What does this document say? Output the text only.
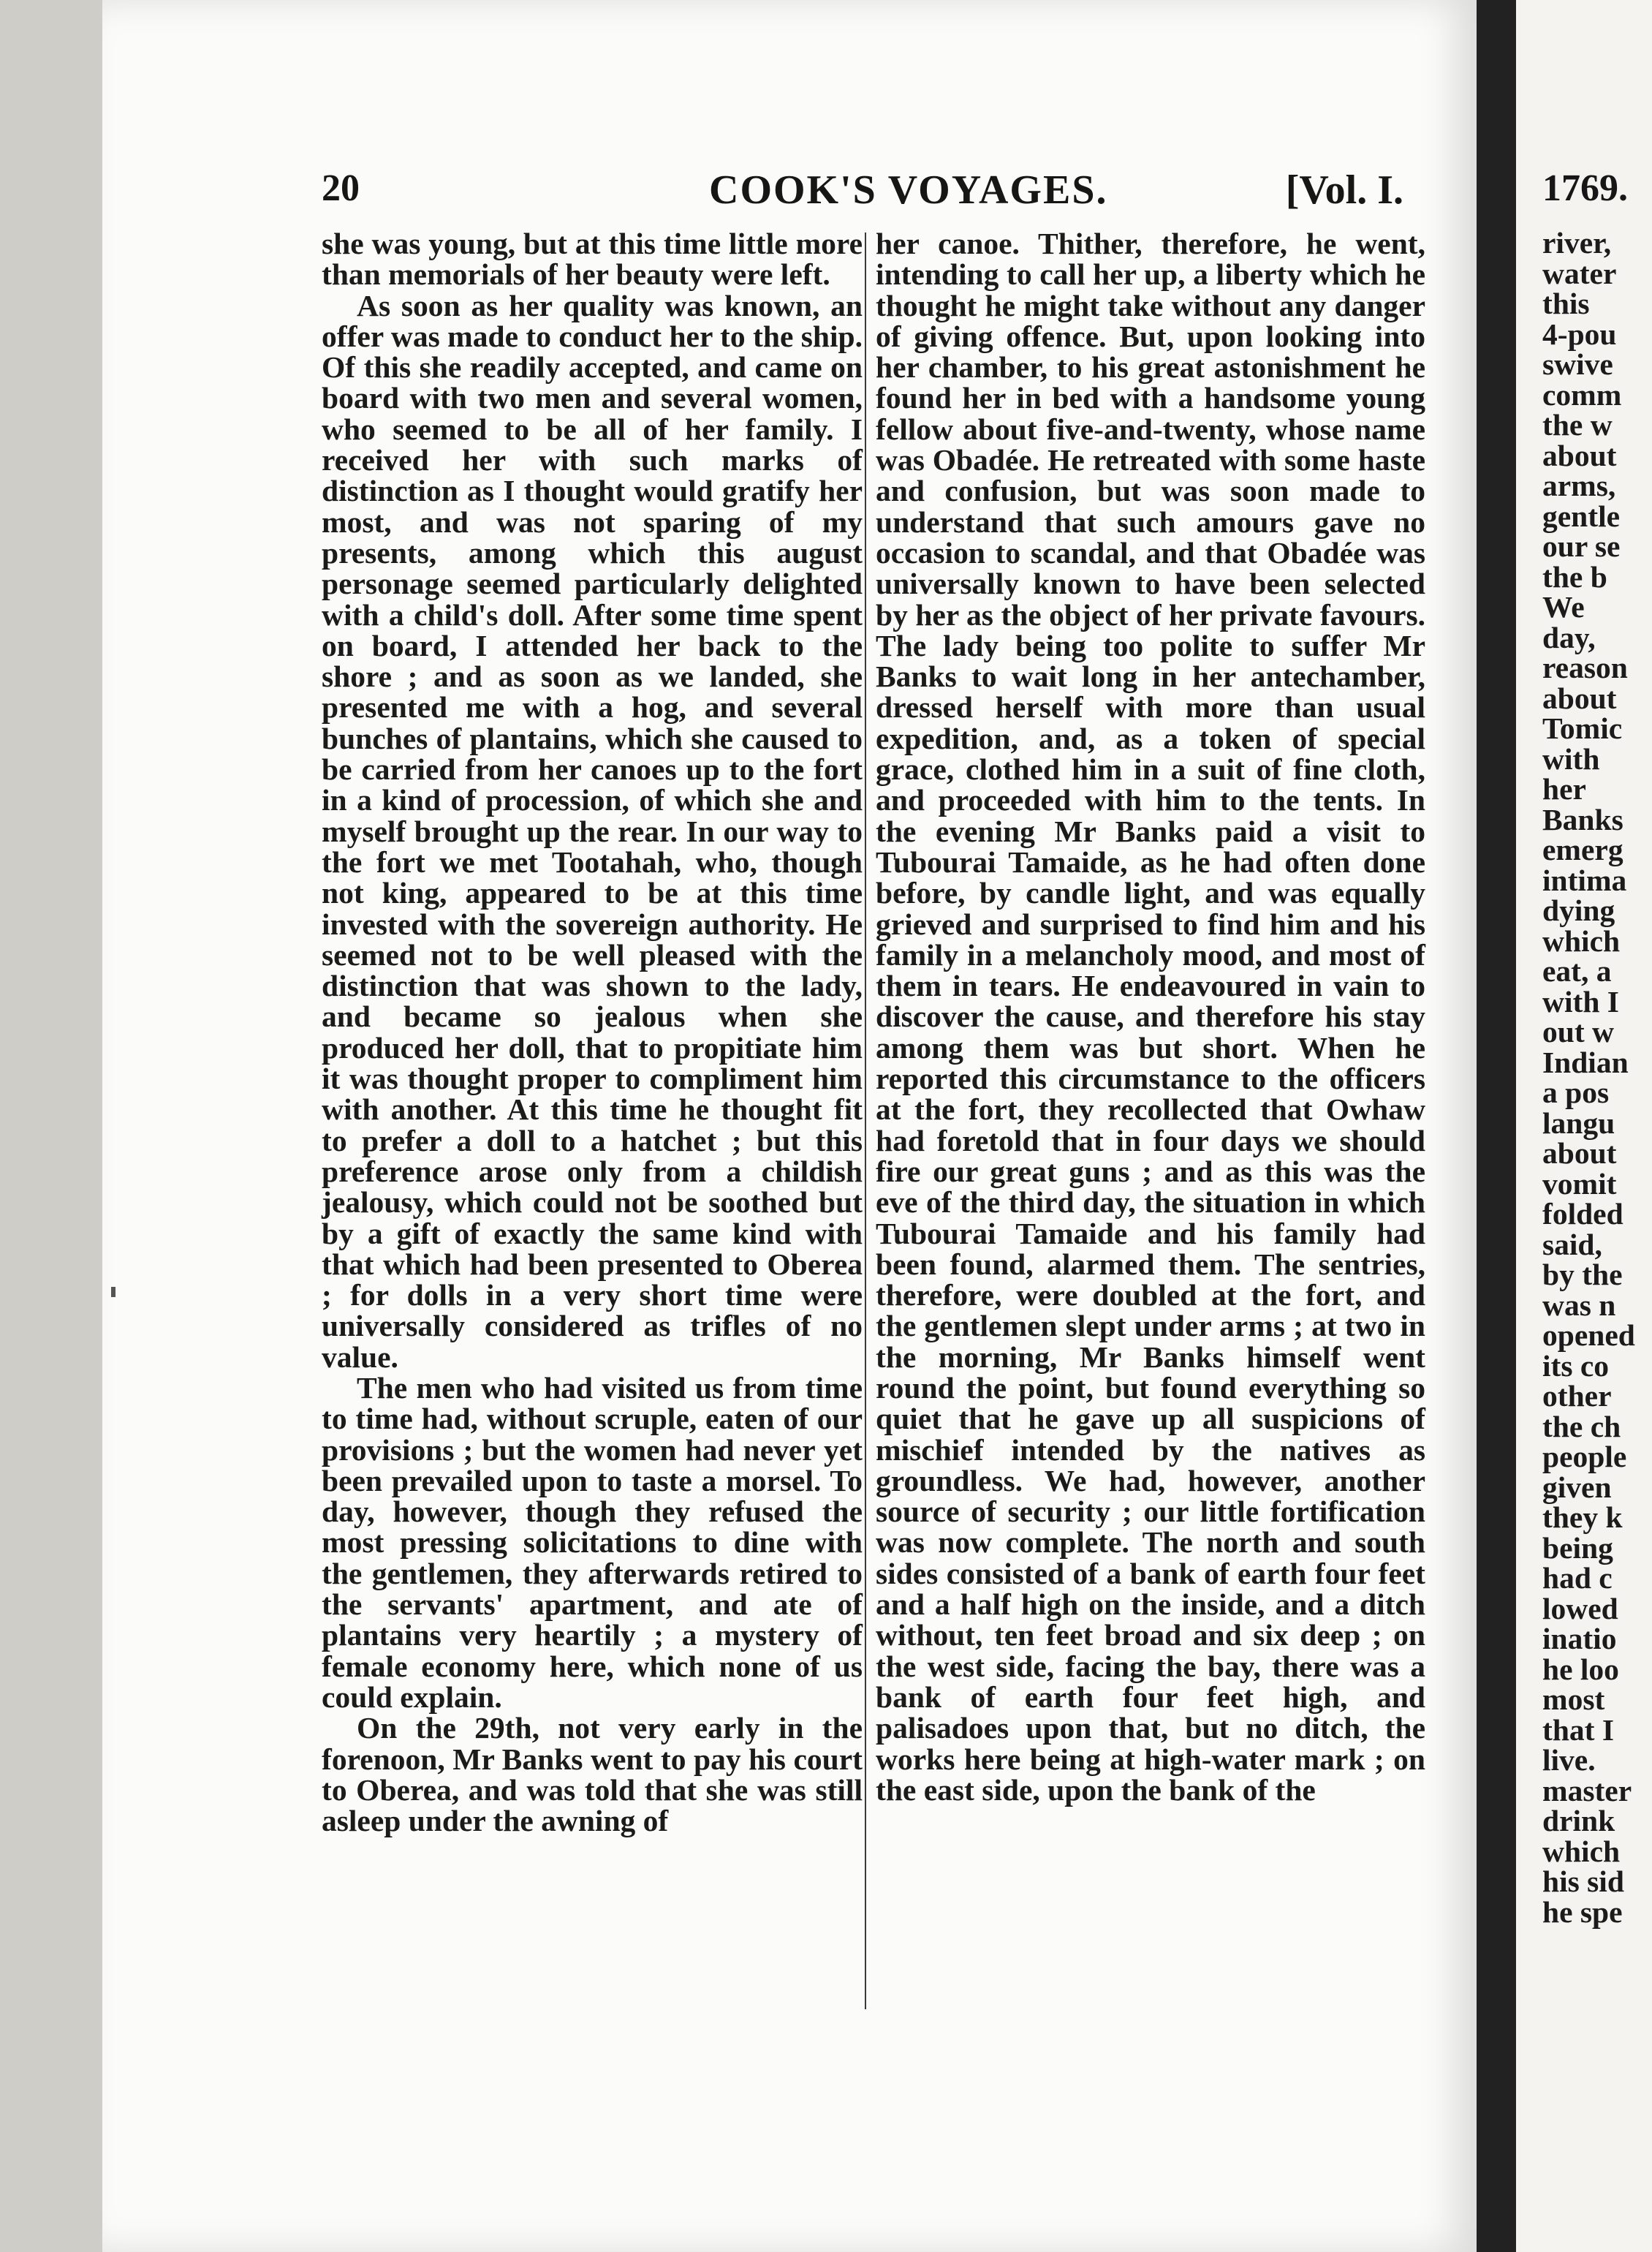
1769.
river,
water
this
4-pou
swive
comm
the w
about
arms,
gentle
our se
the b
We
day,
reason
about
Tomic
with
her
Banks
emerg
intima
dying
which
eat, a
with I
out w
Indian
a pos
langu
about
vomit
folded
said,
by the
was n
opened
its co
other
the ch
people
given
they k
being
had c
lowed
inatio
he loo
most
that I
live.
master
drink
which
his sid
he spe
20	COOK'S VOYAGES.	[Vol. I.

she was young, but at this time little more than memorials of her beauty were left.

As soon as her quality was known, an offer was made to conduct her to the ship. Of this she readily accepted, and came on board with two men and several women, who seemed to be all of her family. I received her with such marks of distinction as I thought would gratify her most, and was not sparing of my presents, among which this august personage seemed particularly delighted with a child's doll. After some time spent on board, I attended her back to the shore ; and as soon as we landed, she presented me with a hog, and several bunches of plantains, which she caused to be carried from her canoes up to the fort in a kind of procession, of which she and myself brought up the rear. In our way to the fort we met Tootahah, who, though not king, appeared to be at this time invested with the sovereign authority. He seemed not to be well pleased with the distinction that was shown to the lady, and became so jealous when she produced her doll, that to propitiate him it was thought proper to compliment him with another. At this time he thought fit to prefer a doll to a hatchet ; but this preference arose only from a childish jealousy, which could not be soothed but by a gift of exactly the same kind with that which had been presented to Oberea ; for dolls in a very short time were universally considered as trifles of no value.

The men who had visited us from time to time had, without scruple, eaten of our provisions ; but the women had never yet been prevailed upon to taste a morsel. To day, however, though they refused the most pressing solicitations to dine with the gentlemen, they afterwards retired to the servants' apartment, and ate of plantains very heartily ; a mystery of female economy here, which none of us could explain.

On the 29th, not very early in the forenoon, Mr Banks went to pay his court to Oberea, and was told that she was still asleep under the awning of

her canoe. Thither, therefore, he went, intending to call her up, a liberty which he thought he might take without any danger of giving offence. But, upon looking into her chamber, to his great astonishment he found her in bed with a handsome young fellow about five-and-twenty, whose name was Obadée. He retreated with some haste and confusion, but was soon made to understand that such amours gave no occasion to scandal, and that Obadée was universally known to have been selected by her as the object of her private favours. The lady being too polite to suffer Mr Banks to wait long in her antechamber, dressed herself with more than usual expedition, and, as a token of special grace, clothed him in a suit of fine cloth, and proceeded with him to the tents. In the evening Mr Banks paid a visit to Tubourai Tamaide, as he had often done before, by candle light, and was equally grieved and surprised to find him and his family in a melancholy mood, and most of them in tears. He endeavoured in vain to discover the cause, and therefore his stay among them was but short. When he reported this circumstance to the officers at the fort, they recollected that Owhaw had foretold that in four days we should fire our great guns ; and as this was the eve of the third day, the situation in which Tubourai Tamaide and his family had been found, alarmed them. The sentries, therefore, were doubled at the fort, and the gentlemen slept under arms ; at two in the morning, Mr Banks himself went round the point, but found everything so quiet that he gave up all suspicions of mischief intended by the natives as groundless. We had, however, another source of security ; our little fortification was now complete. The north and south sides consisted of a bank of earth four feet and a half high on the inside, and a ditch without, ten feet broad and six deep ; on the west side, facing the bay, there was a bank of earth four feet high, and palisadoes upon that, but no ditch, the works here being at high-water mark ; on the east side, upon the bank of the
